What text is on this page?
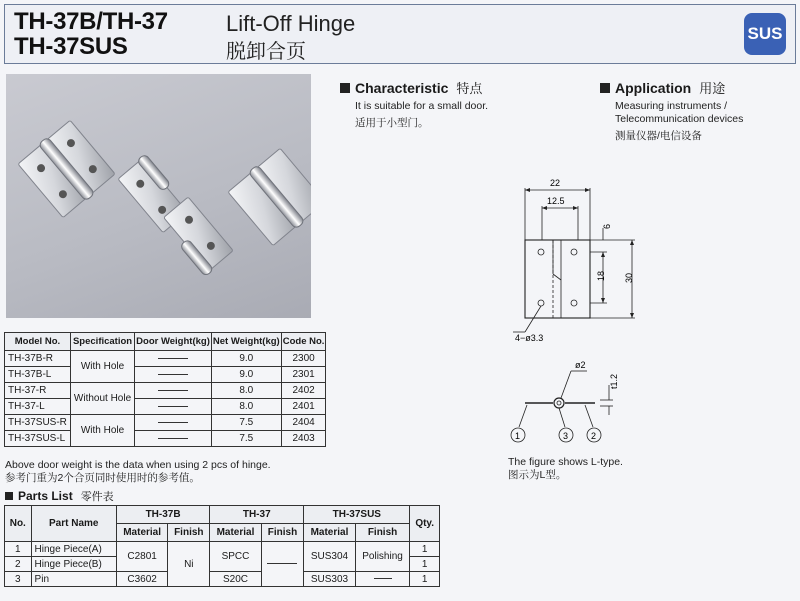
TH-37B/TH-37
TH-37SUS
Lift-Off Hinge
脱卸合页
SUS
Characteristic 特点
It is suitable for a small door.
适用于小型门。
Application 用途
Measuring instruments /
Telecommunication devices
测量仪器/电信设备
22
12.5
6
18 30
4−ø3.3
ø2
t1.2
1	3	2
The figure shows L-type.
图示为L型。
Model No.	Specification	Door Weight(kg)	Net Weight(kg)	Code No.
TH-37B-R	With Hole		9.0	2300
TH-37B-L			9.0	2301
TH-37-R	Without Hole		8.0	2402
TH-37-L			8.0	2401
TH-37SUS-R	With Hole		7.5	2404
TH-37SUS-L			7.5	2403
Above door weight is the data when using 2 pcs of hinge.
参考门重为2个合页同时使用时的参考值。
Parts List 零件表
No.	Part Name	TH-37B		TH-37		TH-37SUS		Qty.
		Material	Finish	Material	Finish	Material	Finish	
1	Hinge Piece(A)	C2801	Ni	SPCC		SUS304	Polishing	1
2	Hinge Piece(B)							1
3	Pin	C3602		S20C		SUS303		1
